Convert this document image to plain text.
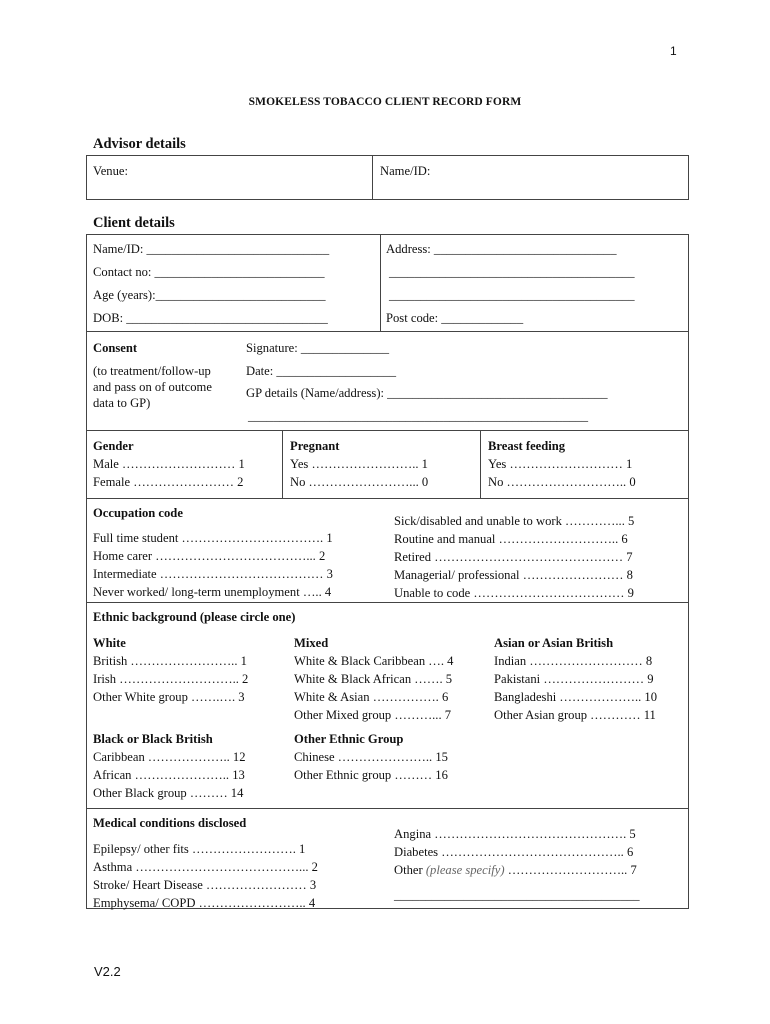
1
SMOKELESS TOBACCO CLIENT RECORD FORM
Advisor details
Venue:	Name/ID:
Client details
Name/ID: _____________________________
Contact no: ___________________________
Age (years):___________________________
DOB: ________________________________
Address: _____________________________
_______________________________________
_______________________________________
Post code: _____________
Consent
(to treatment/follow-up
and pass on of outcome
data to GP)
Signature: ______________
Date: ___________________
GP details (Name/address): ___________________________________
______________________________________________________
Gender
Male ……………………… 1
Female …………………… 2
Pregnant
Yes …………………….. 1
No ……………………... 0
Breast feeding
Yes ……………………… 1
No ……………………….. 0
Occupation code
Full time student ……………………………. 1
Home carer ………………………………... 2
Intermediate ………………………………… 3
Never worked/ long-term unemployment ….. 4
Sick/disabled and unable to work …………... 5
Routine and manual ……………………….. 6
Retired ……………………………………… 7
Managerial/ professional …………………… 8
Unable to code ……………………………… 9
Ethnic background (please circle one)
White
British …………………….. 1
Irish ……………………….. 2
Other White group …….…. 3
Mixed
White & Black Caribbean …. 4
White & Black African ……. 5
White & Asian ……………. 6
Other Mixed group ………... 7
Asian or Asian British
Indian ……………………… 8
Pakistani …………………… 9
Bangladeshi ……………….. 10
Other Asian group ………… 11
Black or Black British
Caribbean ……………….. 12
African ………………….. 13
Other Black group ……… 14
Other Ethnic Group
Chinese ………………….. 15
Other Ethnic group ……… 16
Medical conditions disclosed
Epilepsy/ other fits ……………………. 1
Asthma …………………………………... 2
Stroke/ Heart Disease …………………… 3
Emphysema/ COPD …………………….. 4
Angina ………………………………………. 5
Diabetes …………………………………….. 6
Other (please specify) ……………………….. 7
_______________________________________
V2.2
